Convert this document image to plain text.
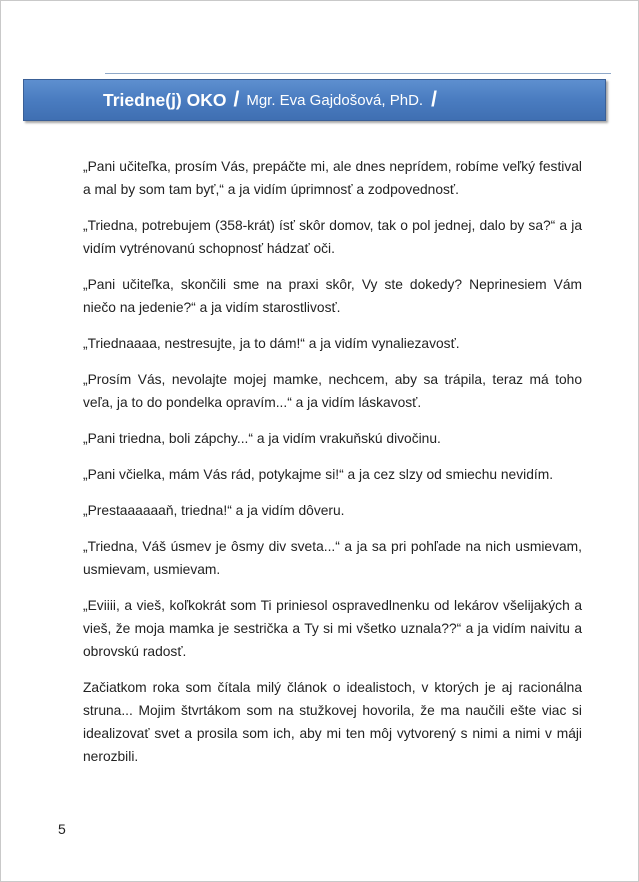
Triedne(j) OKO / Mgr. Eva Gajdošová, PhD. /

„Pani učiteľka, prosím Vás, prepáčte mi, ale dnes neprídem, robíme veľký festival a mal by som tam byť,“ a ja vidím úprimnosť a zodpovednosť.

„Triedna, potrebujem (358-krát) ísť skôr domov, tak o pol jednej, dalo by sa?“ a ja vidím vytrénovanú schopnosť hádzať oči.

„Pani učiteľka, skončili sme na praxi skôr, Vy ste dokedy? Neprinesiem Vám niečo na jedenie?“ a ja vidím starostlivosť.

„Triednaaaa, nestresujte, ja to dám!“ a ja vidím vynaliezavosť.

„Prosím Vás, nevolajte mojej mamke, nechcem, aby sa trápila, teraz má toho veľa, ja to do pondelka opravím...“ a ja vidím láskavosť.

„Pani triedna, boli zápchy...“ a ja vidím vrakuňskú divočinu.

„Pani včielka, mám Vás rád, potykajme si!“ a ja cez slzy od smiechu nevidím.

„Prestaaaaaaň, triedna!“ a ja vidím dôveru.

„Triedna, Váš úsmev je ôsmy div sveta...“ a ja sa pri pohľade na nich usmievam, usmievam, usmievam.

„Eviiii, a vieš, koľkokrát som Ti priniesol ospravedlnenku od lekárov všelijakých a vieš, že moja mamka je sestrička a Ty si mi všetko uznala??“ a ja vidím naivitu a obrovskú radosť.

Začiatkom roka som čítala milý článok o idealistoch, v ktorých je aj racionálna struna... Mojim štvrtákom som na stužkovej hovorila, že ma naučili ešte viac si idealizovať svet a prosila som ich, aby mi ten môj vytvorený s nimi a nimi v máji nerozbili.

5
